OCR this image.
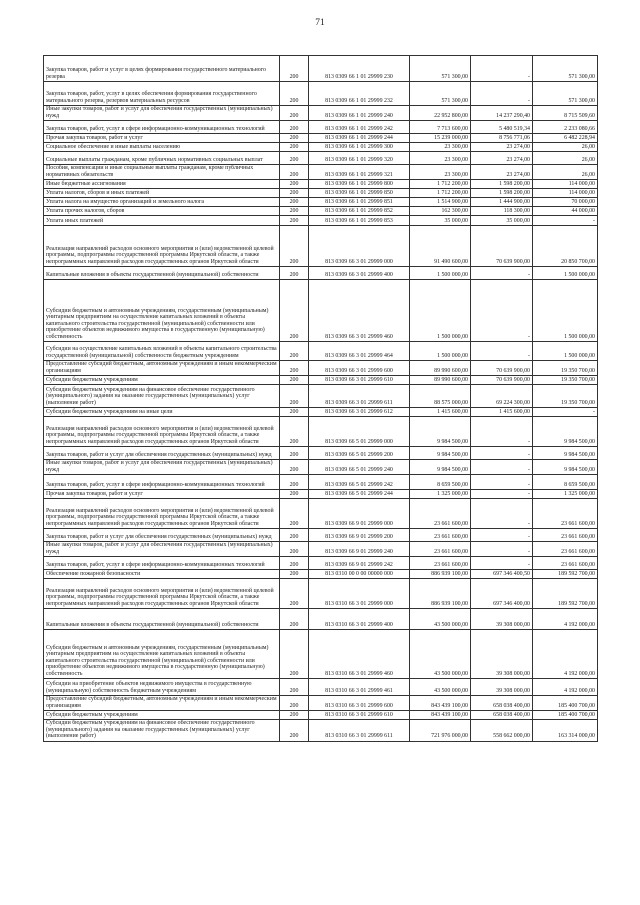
71
Закупка товаров, работ и услуг в целях формирования государственного материального резерва	200	813 0309 66 1 01 29999 230	571 300,00	-	571 300,00
Закупка товаров, работ, услуг в целях обеспечения формирования государственного материального резерва, резервов материальных ресурсов	200	813 0309 66 1 01 29999 232	571 300,00	-	571 300,00
Иные закупки товаров, работ и услуг для обеспечения государственных (муниципальных) нужд	200	813 0309 66 1 01 29999 240	22 952 800,00	14 237 290,40	8 715 509,60
Закупка товаров, работ, услуг в сфере информационно-коммуникационных технологий	200	813 0309 66 1 01 29999 242	7 713 600,00	5 480 519,34	2 233 080,66
Прочая закупка товаров, работ и услуг	200	813 0309 66 1 01 29999 244	15 239 000,00	8 756 771,06	6 482 228,94
Социальное обеспечение и иные выплаты населению	200	813 0309 66 1 01 29999 300	23 300,00	23 274,00	26,00
Социальные выплаты гражданам, кроме публичных нормативных социальных выплат	200	813 0309 66 1 01 29999 320	23 300,00	23 274,00	26,00
Пособия, компенсации и иные социальные выплаты гражданам, кроме публичных нормативных обязательств	200	813 0309 66 1 01 29999 321	23 300,00	23 274,00	26,00
Иные бюджетные ассигнования	200	813 0309 66 1 01 29999 800	1 712 200,00	1 598 200,00	114 000,00
Уплата налогов, сборов и иных платежей	200	813 0309 66 1 01 29999 850	1 712 200,00	1 598 200,00	114 000,00
Уплата налога на имущество организаций и земельного налога	200	813 0309 66 1 01 29999 851	1 514 900,00	1 444 900,00	70 000,00
Уплата прочих налогов, сборов	200	813 0309 66 1 01 29999 852	162 300,00	118 300,00	44 000,00
Уплата иных платежей	200	813 0309 66 1 01 29999 853	35 000,00	35 000,00	-
Реализация направлений расходов основного мероприятия и (или) ведомственной целевой программы, подпрограммы государственной программы Иркутской области, а также непрограммных направлений расходов государственных органов Иркутской области	200	813 0309 66 3 01 29999 000	91 490 600,00	70 639 900,00	20 850 700,00
Капитальные вложения в объекты государственной (муниципальной) собственности	200	813 0309 66 3 01 29999 400	1 500 000,00	-	1 500 000,00
Субсидии бюджетным и автономным учреждениям, государственным (муниципальным) унитарным предприятиям на осуществление капитальных вложений в объекты капитального строительства государственной (муниципальной) собственности или приобретение объектов недвижимого имущества в государственную (муниципальную) собственность	200	813 0309 66 3 01 29999 460	1 500 000,00	-	1 500 000,00
Субсидии на осуществление капитальных вложений в объекты капитального строительства государственной (муниципальной) собственности бюджетным учреждениям	200	813 0309 66 3 01 29999 464	1 500 000,00	-	1 500 000,00
Предоставление субсидий бюджетным, автономным учреждениям и иным некоммерческим организациям	200	813 0309 66 3 01 29999 600	89 990 600,00	70 639 900,00	19 350 700,00
Субсидии бюджетным учреждениям	200	813 0309 66 3 01 29999 610	89 990 600,00	70 639 900,00	19 350 700,00
Субсидии бюджетным учреждениям на финансовое обеспечение государственного (муниципального) задания на оказание государственных (муниципальных) услуг (выполнение работ)	200	813 0309 66 3 01 29999 611	88 575 000,00	69 224 300,00	19 350 700,00
Субсидии бюджетным учреждениям на иные цели	200	813 0309 66 3 01 29999 612	1 415 600,00	1 415 600,00	-
Реализация направлений расходов основного мероприятия и (или) ведомственной целевой программы, подпрограммы государственной программы Иркутской области, а также непрограммных направлений расходов государственных органов Иркутской области	200	813 0309 66 5 01 29999 000	9 984 500,00	-	9 984 500,00
Закупка товаров, работ и услуг для обеспечения государственных (муниципальных) нужд	200	813 0309 66 5 01 29999 200	9 984 500,00	-	9 984 500,00
Иные закупки товаров, работ и услуг для обеспечения государственных (муниципальных) нужд	200	813 0309 66 5 01 29999 240	9 984 500,00	-	9 984 500,00
Закупка товаров, работ, услуг в сфере информационно-коммуникационных технологий	200	813 0309 66 5 01 29999 242	8 659 500,00	-	8 659 500,00
Прочая закупка товаров, работ и услуг	200	813 0309 66 5 01 29999 244	1 325 000,00	-	1 325 000,00
Реализация направлений расходов основного мероприятия и (или) ведомственной целевой программы, подпрограммы государственной программы Иркутской области, а также непрограммных направлений расходов государственных органов Иркутской области	200	813 0309 66 9 01 29999 000	23 661 600,00	-	23 661 600,00
Закупка товаров, работ и услуг для обеспечения государственных (муниципальных) нужд	200	813 0309 66 9 01 29999 200	23 661 600,00	-	23 661 600,00
Иные закупки товаров, работ и услуг для обеспечения государственных (муниципальных) нужд	200	813 0309 66 9 01 29999 240	23 661 600,00	-	23 661 600,00
Закупка товаров, работ, услуг в сфере информационно-коммуникационных технологий	200	813 0309 66 9 01 29999 242	23 661 600,00	-	23 661 600,00
Обеспечение пожарной безопасности	200	813 0310 00 0 00 00000 000	886 939 100,00	697 346 400,50	189 592 700,00
Реализация направлений расходов основного мероприятия и (или) ведомственной целевой программы, подпрограммы государственной программы Иркутской области, а также непрограммных направлений расходов государственных органов Иркутской области	200	813 0310 66 3 01 29999 000	886 939 100,00	697 346 400,00	189 592 700,00
Капитальные вложения в объекты государственной (муниципальной) собственности	200	813 0310 66 3 01 29999 400	43 500 000,00	39 308 000,00	4 192 000,00
Субсидии бюджетным и автономным учреждениям, государственным (муниципальным) унитарным предприятиям на осуществление капитальных вложений в объекты капитального строительства государственной (муниципальной) собственности или приобретение объектов недвижимого имущества в государственную (муниципальную) собственность	200	813 0310 66 3 01 29999 460	43 500 000,00	39 308 000,00	4 192 000,00
Субсидии на приобретение объектов недвижимого имущества в государственную (муниципальную) собственность бюджетным учреждениям	200	813 0310 66 3 01 29999 461	43 500 000,00	39 308 000,00	4 192 000,00
Предоставление субсидий бюджетным, автономным учреждениям и иным некоммерческим организациям	200	813 0310 66 3 01 29999 600	843 439 100,00	658 038 400,00	185 400 700,00
Субсидии бюджетным учреждениям	200	813 0310 66 3 01 29999 610	843 439 100,00	658 038 400,00	185 400 700,00
Субсидии бюджетным учреждениям на финансовое обеспечение государственного (муниципального) задания на оказание государственных (муниципальных) услуг (выполнение работ)	200	813 0310 66 3 01 29999 611	721 976 000,00	558 662 000,00	163 314 000,00
